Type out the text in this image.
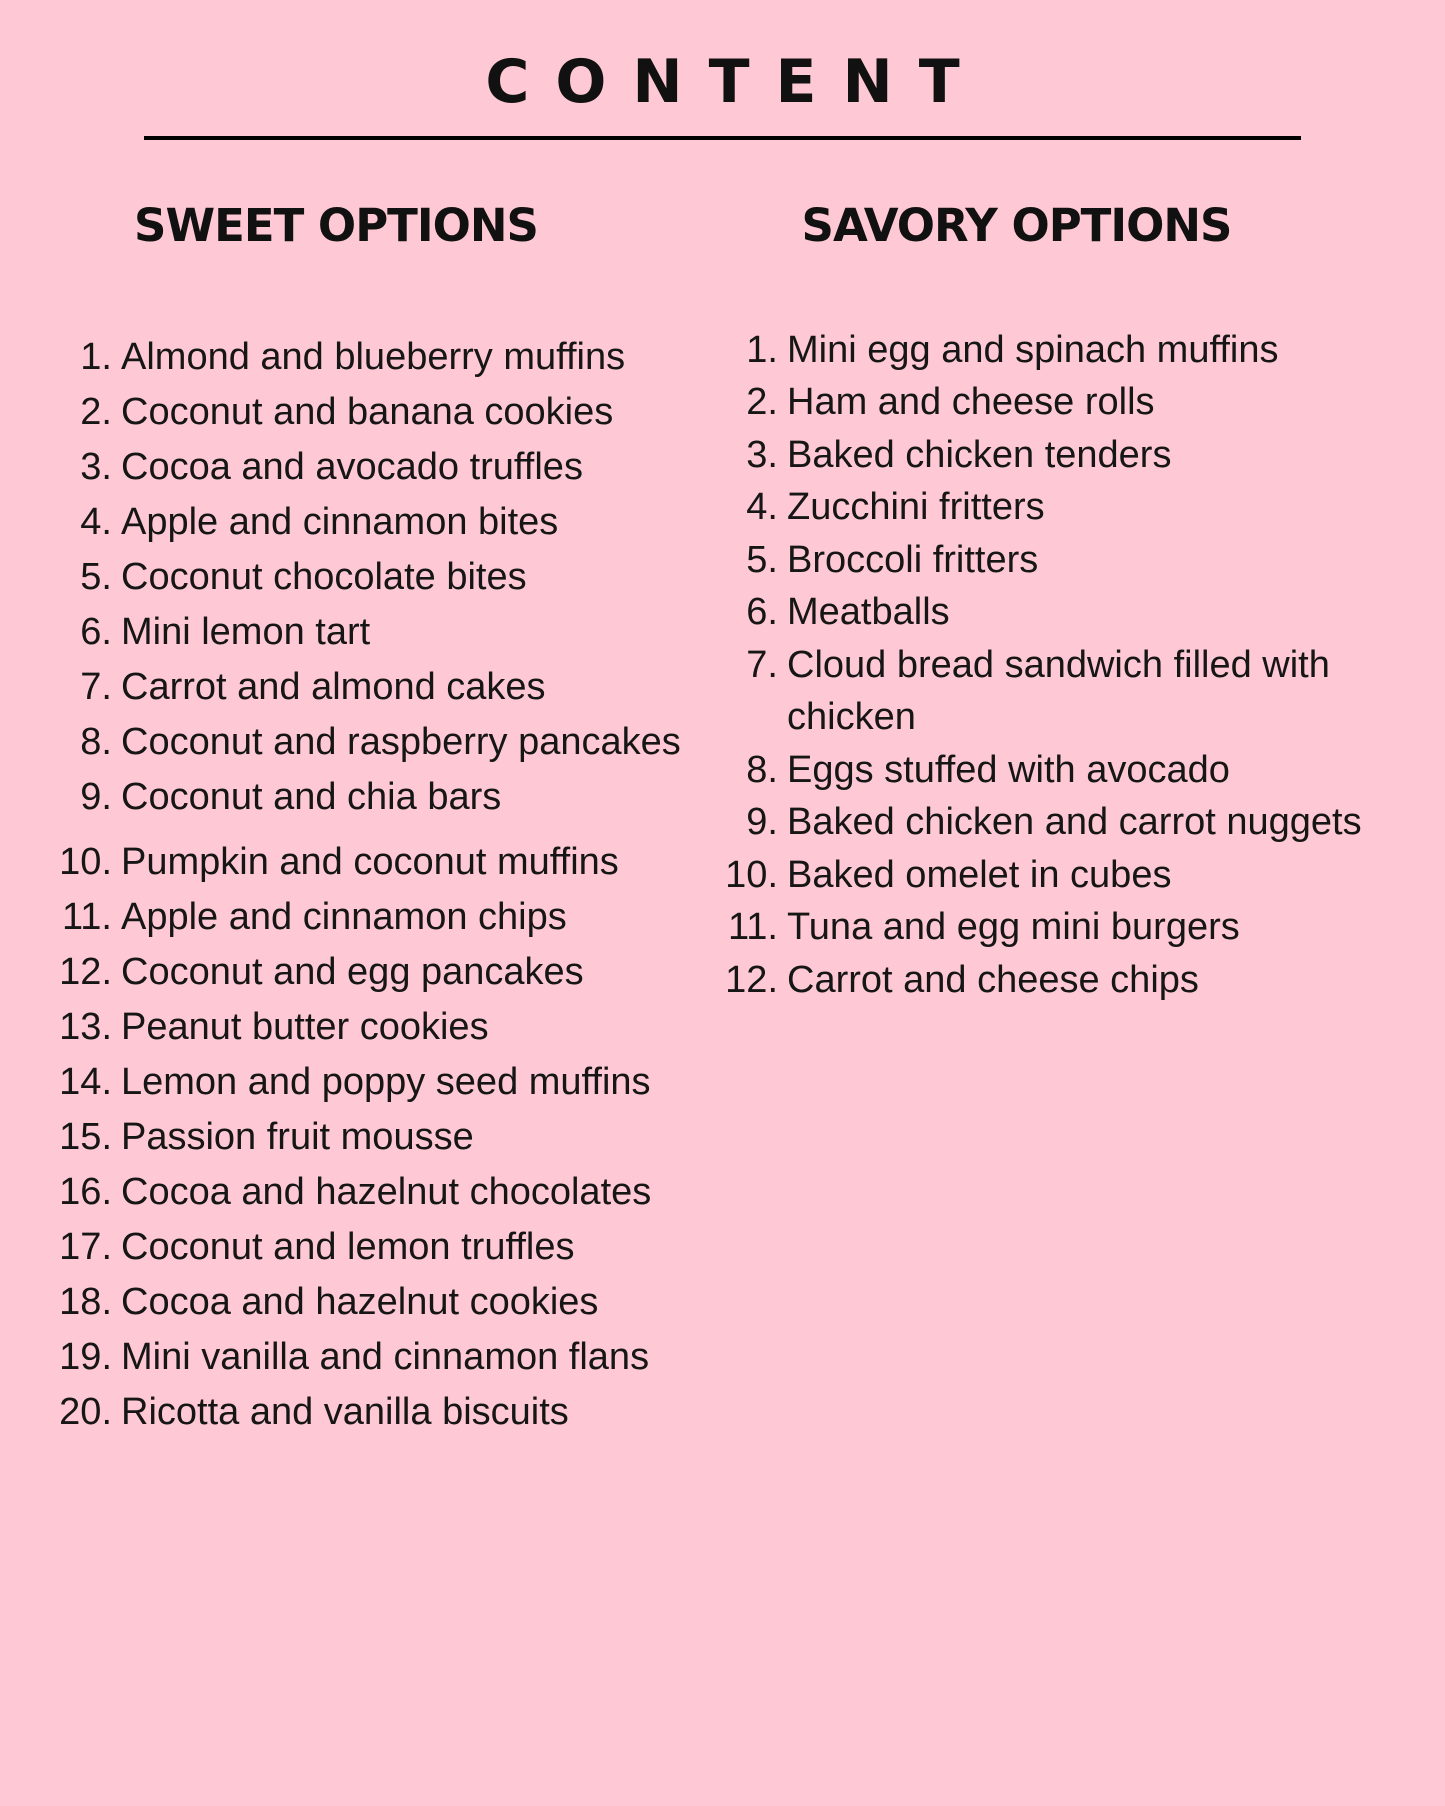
CONTENT
SWEET OPTIONS
1. Almond and blueberry muffins
2. Coconut and banana cookies
3. Cocoa and avocado truffles
4. Apple and cinnamon bites
5. Coconut chocolate bites
6. Mini lemon tart
7. Carrot and almond cakes
8. Coconut and raspberry pancakes
9. Coconut and chia bars
10. Pumpkin and coconut muffins
11. Apple and cinnamon chips
12. Coconut and egg pancakes
13. Peanut butter cookies
14. Lemon and poppy seed muffins
15. Passion fruit mousse
16. Cocoa and hazelnut chocolates
17. Coconut and lemon truffles
18. Cocoa and hazelnut cookies
19. Mini vanilla and cinnamon flans
20. Ricotta and vanilla biscuits
SAVORY OPTIONS
1. Mini egg and spinach muffins
2. Ham and cheese rolls
3. Baked chicken tenders
4. Zucchini fritters
5. Broccoli fritters
6. Meatballs
7. Cloud bread sandwich filled with chicken
8. Eggs stuffed with avocado
9. Baked chicken and carrot nuggets
10. Baked omelet in cubes
11. Tuna and egg mini burgers
12. Carrot and cheese chips
